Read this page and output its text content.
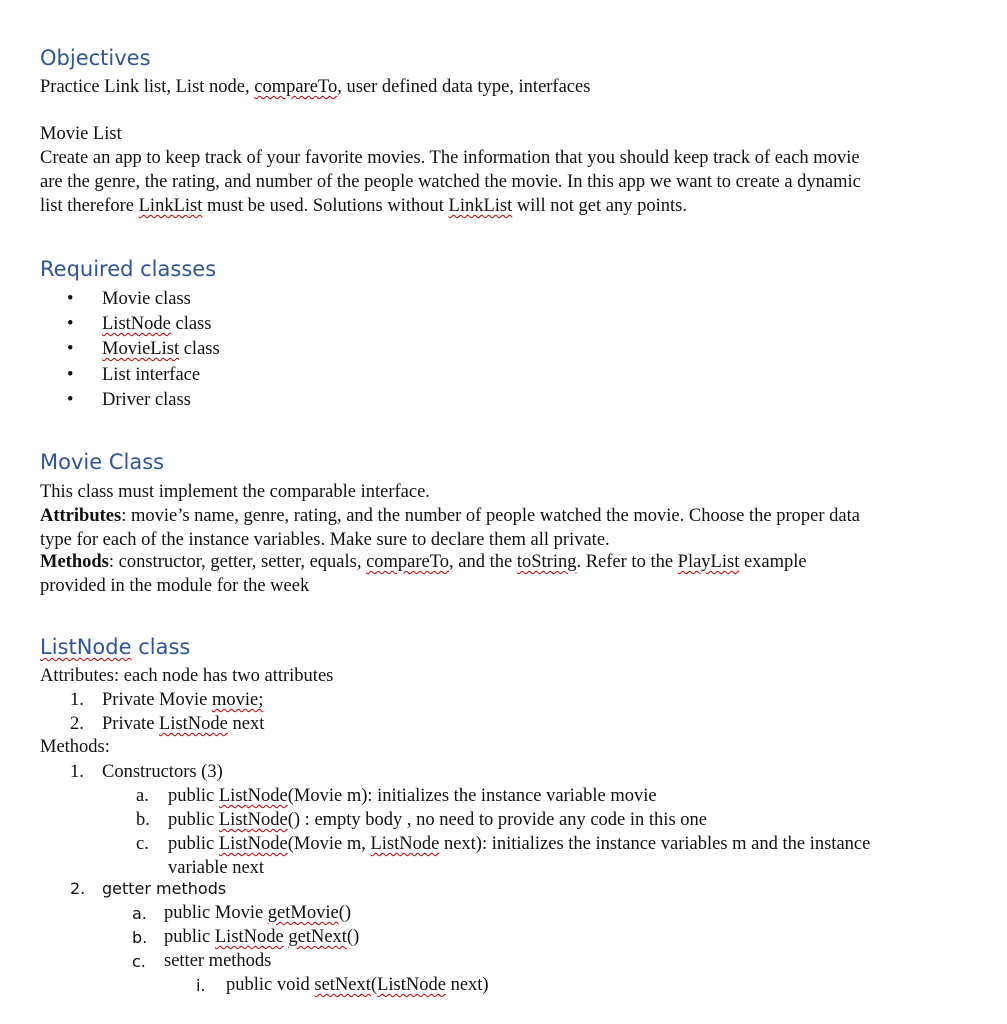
Objectives

Practice Link list, List node, compareTo, user defined data type, interfaces

Movie List

Create an app to keep track of your favorite movies. The information that you should keep track of each movie

are the genre, the rating, and number of the people watched the movie. In this app we want to create a dynamic

list therefore LinkList must be used. Solutions without LinkList will not get any points.

Required classes
• Movie class

• ListNode class

• MovieList class

• List interface

• Driver class

Movie Class

This class must implement the comparable interface.

Attributes: movie’s name, genre, rating, and the number of people watched the movie. Choose the proper data

type for each of the instance variables. Make sure to declare them all private.

Methods: constructor, getter, setter, equals, compareTo, and the toString. Refer to the PlayList example

provided in the module for the week

ListNode class

Attributes: each node has two attributes

1. Private Movie movie;

2. Private ListNode next

Methods:

1. Constructors (3)

a. public ListNode(Movie m): initializes the instance variable movie

b. public ListNode() : empty body , no need to provide any code in this one

c. public ListNode(Movie m, ListNode next): initializes the instance variables m and the instance

variable next

2. getter methods

a. public Movie getMovie()

b. public ListNode getNext()

c. setter methods

i. public void setNext(ListNode next)
